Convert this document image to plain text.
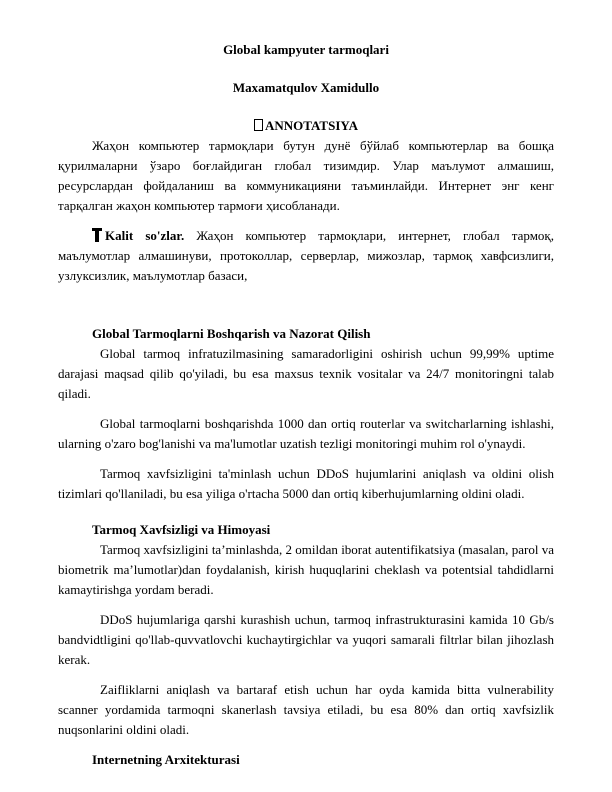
Global kampyuter tarmoqlari

Maxamatqulov Xamidullo

ANNOTATSIYA

Жаҳон компьютер тармоқлари бутун дунё бўйлаб компьютерлар ва бошқа қурилмаларни ўзаро боғлайдиган глобал тизимдир. Улар маълумот алмашиш, ресурслардан фойдаланиш ва коммуникацияни таъминлайди. Интернет энг кенг тарқалган жаҳон компьютер тармоғи ҳисобланади.

Kalit so'zlar. Жаҳон компьютер тармоқлари, интернет, глобал тармоқ, маълумотлар алмашинуви, протоколлар, серверлар, мижозлар, тармоқ хавфсизлиги, узлуксизлик, маълумотлар базаси,

Global Tarmoqlarni Boshqarish va Nazorat Qilish

Global tarmoq infratuzilmasining samaradorligini oshirish uchun 99,99% uptime darajasi maqsad qilib qo'yiladi, bu esa maxsus texnik vositalar va 24/7 monitoringni talab qiladi.

Global tarmoqlarni boshqarishda 1000 dan ortiq routerlar va switcharlarning ishlashi, ularning o'zaro bog'lanishi va ma'lumotlar uzatish tezligi monitoringi muhim rol o'ynaydi.

Tarmoq xavfsizligini ta'minlash uchun DDoS hujumlarini aniqlash va oldini olish tizimlari qo'llaniladi, bu esa yiliga o'rtacha 5000 dan ortiq kiberhujumlarning oldini oladi.

Tarmoq Xavfsizligi va Himoyasi

Tarmoq xavfsizligini ta’minlashda, 2 omildan iborat autentifikatsiya (masalan, parol va biometrik ma’lumotlar)dan foydalanish, kirish huquqlarini cheklash va potentsial tahdidlarni kamaytirishga yordam beradi.

DDoS hujumlariga qarshi kurashish uchun, tarmoq infrastrukturasini kamida 10 Gb/s bandvidtligini qo'llab-quvvatlovchi kuchaytirgichlar va yuqori samarali filtrlar bilan jihozlash kerak.

Zaifliklarni aniqlash va bartaraf etish uchun har oyda kamida bitta vulnerability scanner yordamida tarmoqni skanerlash tavsiya etiladi, bu esa 80% dan ortiq xavfsizlik nuqsonlarini oldini oladi.

Internetning Arxitekturasi
